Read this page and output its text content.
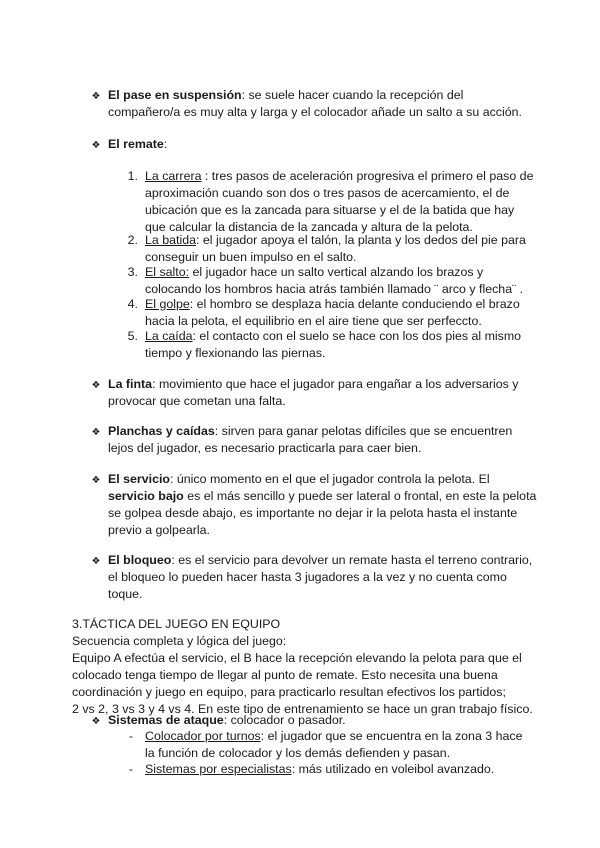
❖ El pase en suspensión: se suele hacer cuando la recepción del

compañero/a es muy alta y larga y el colocador añade un salto a su acción.

❖ El remate:

1. La carrera : tres pasos de aceleración progresiva el primero el paso de

aproximación cuando son dos o tres pasos de acercamiento, el de

ubicación que es la zancada para situarse y el de la batida que hay

que calcular la distancia de la zancada y altura de la pelota.

2. La batida: el jugador apoya el talón, la planta y los dedos del pie para

conseguir un buen impulso en el salto.

3. El salto: el jugador hace un salto vertical alzando los brazos y

colocando los hombros hacia atrás también llamado ¨ arco y flecha¨ .

4. El golpe: el hombro se desplaza hacia delante conduciendo el brazo

hacia la pelota, el equilibrio en el aire tiene que ser perfeccto.

5. La caída: el contacto con el suelo se hace con los dos pies al mismo

tiempo y flexionando las piernas.

❖ La finta: movimiento que hace el jugador para engañar a los adversarios y

provocar que cometan una falta.

❖ Planchas y caídas: sirven para ganar pelotas difíciles que se encuentren

lejos del jugador, es necesario practicarla para caer bien.

❖ El servicio: único momento en el que el jugador controla la pelota. El

servicio bajo es el más sencillo y puede ser lateral o frontal, en este la pelota

se golpea desde abajo, es importante no dejar ir la pelota hasta el instante

previo a golpearla.

❖ El bloqueo: es el servicio para devolver un remate hasta el terreno contrario,

el bloqueo lo pueden hacer hasta 3 jugadores a la vez y no cuenta como

toque.

3.TÁCTICA DEL JUEGO EN EQUIPO

Secuencia completa y lógica del juego:

Equipo A efectúa el servicio, el B hace la recepción elevando la pelota para que el

colocado tenga tiempo de llegar al punto de remate. Esto necesita una buena

coordinación y juego en equipo, para practicarlo resultan efectivos los partidos;

2 vs 2, 3 vs 3 y 4 vs 4. En este tipo de entrenamiento se hace un gran trabajo físico.

❖ Sistemas de ataque: colocador o pasador.

- Colocador por turnos: el jugador que se encuentra en la zona 3 hace

la función de colocador y los demás defienden y pasan.

- Sistemas por especialistas: más utilizado en voleibol avanzado.
